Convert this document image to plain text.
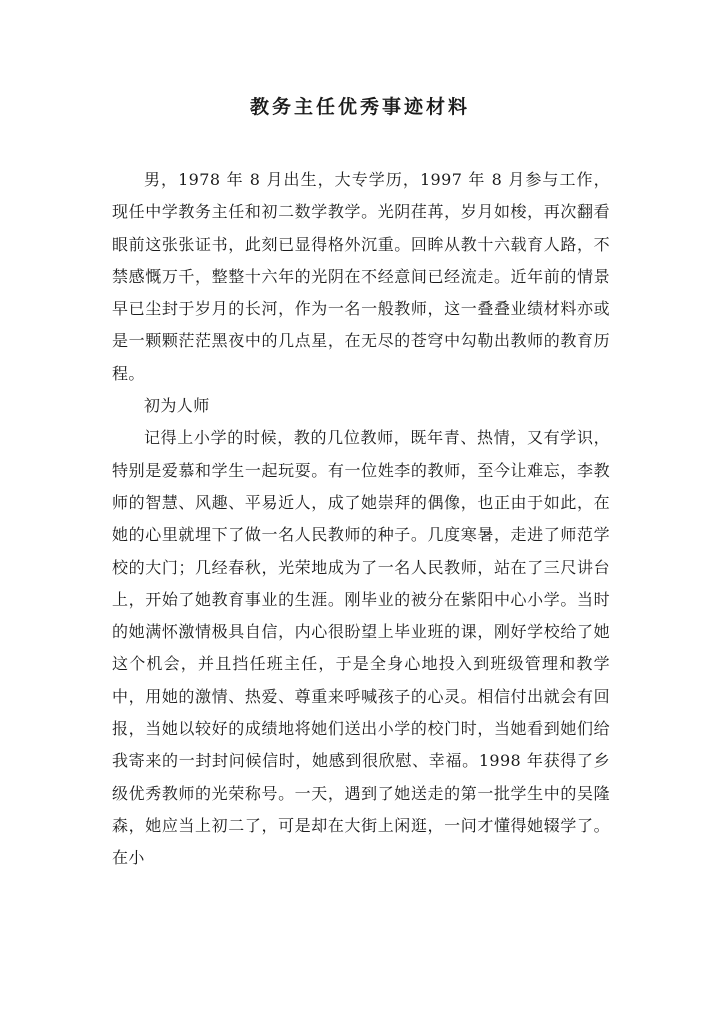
教务主任优秀事迹材料

男，1978 年 8 月出生，大专学历，1997 年 8 月参与工作，现任中学教务主任和初二数学教学。光阴荏苒，岁月如梭，再次翻看眼前这张张证书，此刻已显得格外沉重。回眸从教十六载育人路，不禁感慨万千，整整十六年的光阴在不经意间已经流走。近年前的情景早已尘封于岁月的长河，作为一名一般教师，这一叠叠业绩材料亦或是一颗颗茫茫黑夜中的几点星，在无尽的苍穹中勾勒出教师的教育历程。

初为人师

记得上小学的时候，教的几位教师，既年青、热情，又有学识，特别是爱慕和学生一起玩耍。有一位姓李的教师，至今让难忘，李教师的智慧、风趣、平易近人，成了她崇拜的偶像，也正由于如此，在她的心里就埋下了做一名人民教师的种子。几度寒暑，走进了师范学校的大门；几经春秋，光荣地成为了一名人民教师，站在了三尺讲台上，开始了她教育事业的生涯。刚毕业的被分在紫阳中心小学。当时的她满怀激情极具自信，内心很盼望上毕业班的课，刚好学校给了她这个机会，并且挡任班主任，于是全身心地投入到班级管理和教学中，用她的激情、热爱、尊重来呼喊孩子的心灵。相信付出就会有回报，当她以较好的成绩地将她们送出小学的校门时，当她看到她们给我寄来的一封封问候信时，她感到很欣慰、幸福。1998 年获得了乡级优秀教师的光荣称号。一天，遇到了她送走的第一批学生中的吴隆森，她应当上初二了，可是却在大街上闲逛，一问才懂得她辍学了。在小
